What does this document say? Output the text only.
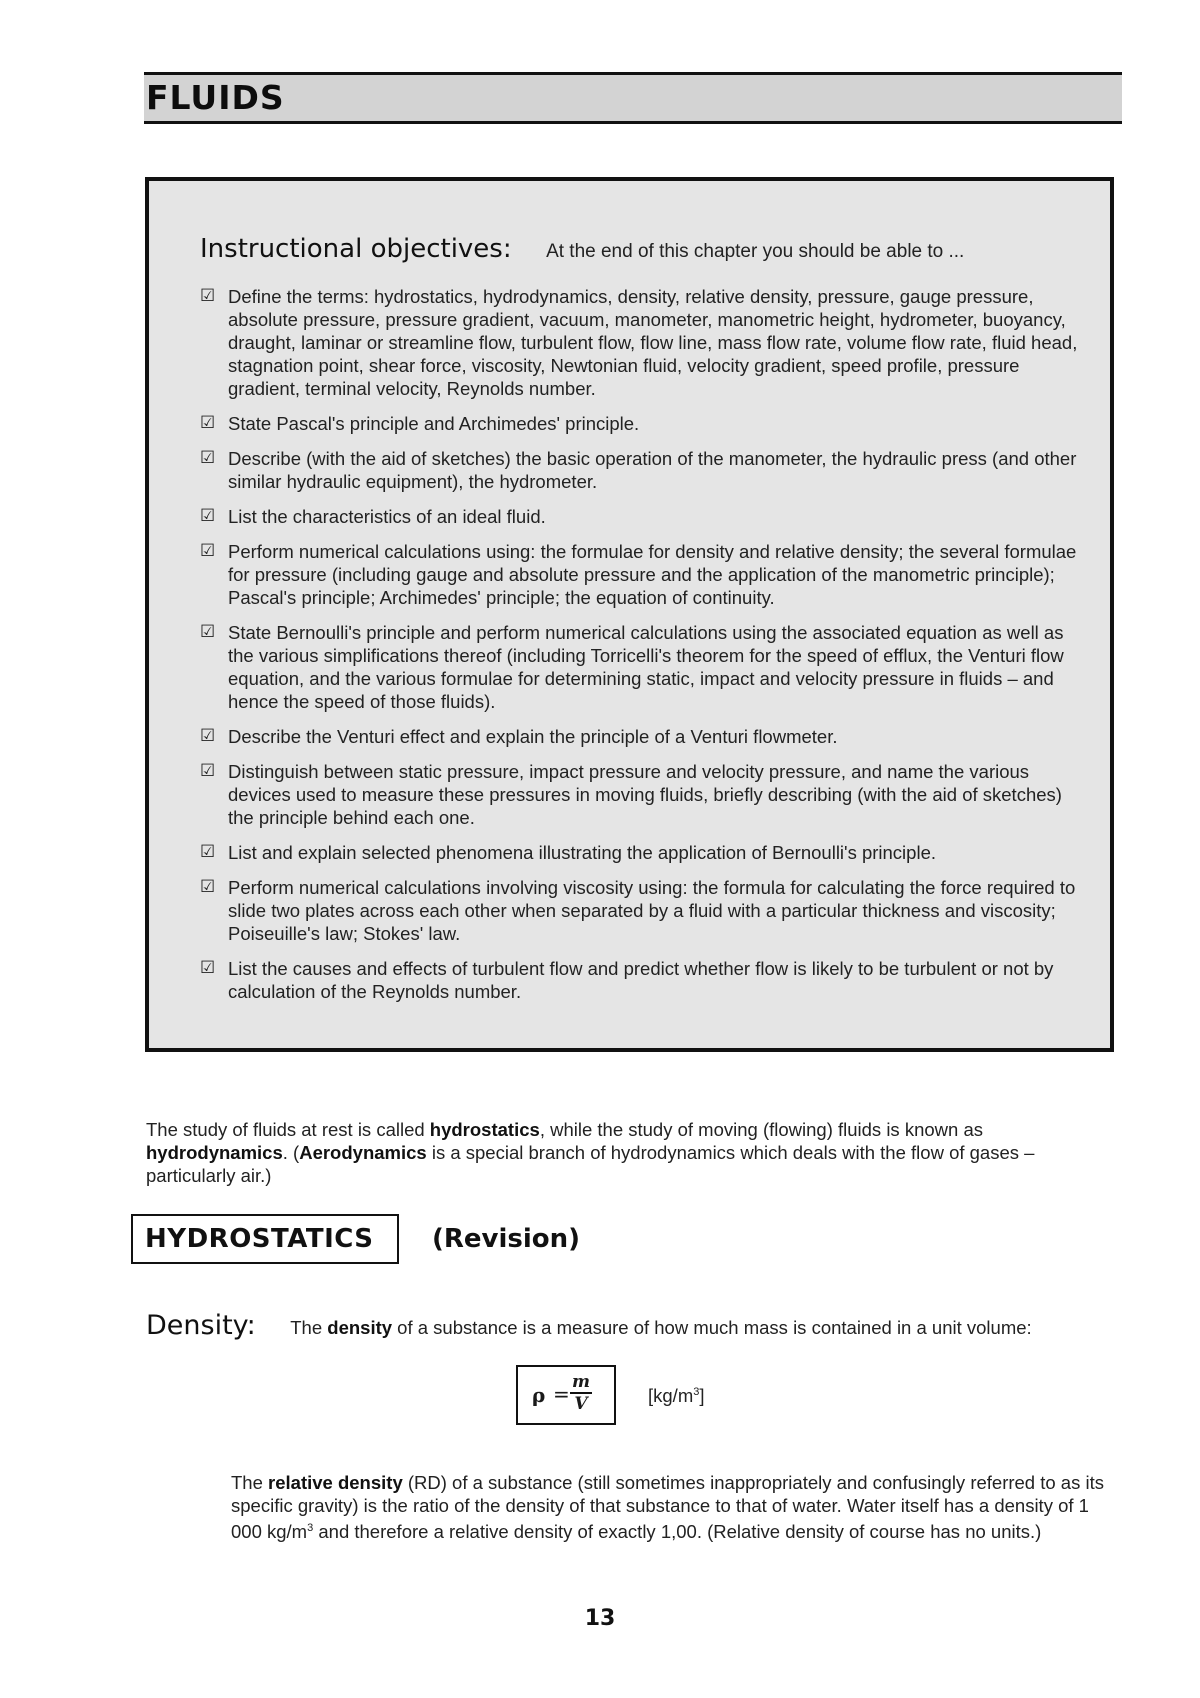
FLUIDS
Instructional objectives: At the end of this chapter you should be able to ...
☑ Define the terms: hydrostatics, hydrodynamics, density, relative density, pressure, gauge pressure, absolute pressure, pressure gradient, vacuum, manometer, manometric height, hydrometer, buoyancy, draught, laminar or streamline flow, turbulent flow, flow line, mass flow rate, volume flow rate, fluid head, stagnation point, shear force, viscosity, Newtonian fluid, velocity gradient, speed profile, pressure gradient, terminal velocity, Reynolds number.
☑ State Pascal's principle and Archimedes' principle.
☑ Describe (with the aid of sketches) the basic operation of the manometer, the hydraulic press (and other similar hydraulic equipment), the hydrometer.
☑ List the characteristics of an ideal fluid.
☑ Perform numerical calculations using: the formulae for density and relative density; the several formulae for pressure (including gauge and absolute pressure and the application of the manometric principle); Pascal's principle; Archimedes' principle; the equation of continuity.
☑ State Bernoulli's principle and perform numerical calculations using the associated equation as well as the various simplifications thereof (including Torricelli's theorem for the speed of efflux, the Venturi flow equation, and the various formulae for determining static, impact and velocity pressure in fluids – and hence the speed of those fluids).
☑ Describe the Venturi effect and explain the principle of a Venturi flowmeter.
☑ Distinguish between static pressure, impact pressure and velocity pressure, and name the various devices used to measure these pressures in moving fluids, briefly describing (with the aid of sketches) the principle behind each one.
☑ List and explain selected phenomena illustrating the application of Bernoulli's principle.
☑ Perform numerical calculations involving viscosity using: the formula for calculating the force required to slide two plates across each other when separated by a fluid with a particular thickness and viscosity; Poiseuille's law; Stokes' law.
☑ List the causes and effects of turbulent flow and predict whether flow is likely to be turbulent or not by calculation of the Reynolds number.

The study of fluids at rest is called hydrostatics, while the study of moving (flowing) fluids is known as hydrodynamics. (Aerodynamics is a special branch of hydrodynamics which deals with the flow of gases – particularly air.)

HYDROSTATICS (Revision)
Density: The density of a substance is a measure of how much mass is contained in a unit volume:
ρ = m
V	$[kg/m^3]$

The relative density (RD) of a substance (still sometimes inappropriately and confusingly referred to as its specific gravity) is the ratio of the density of that substance to that of water. Water itself has a density of 1 000 $kg/m^3$ and therefore a relative density of exactly 1,00. (Relative density of course has no units.)

13
